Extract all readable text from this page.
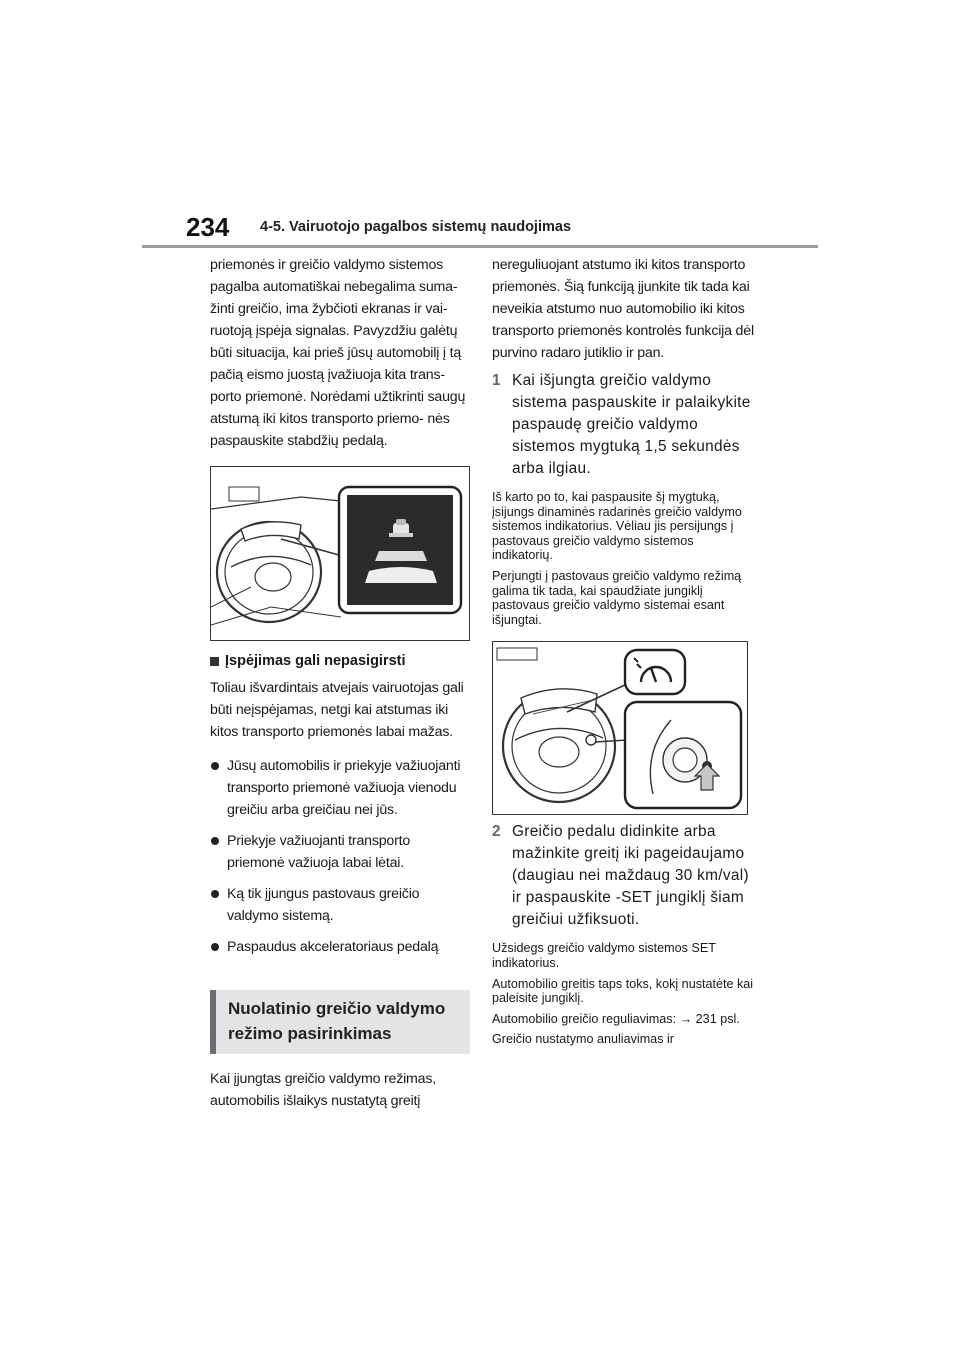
234 4-5. Vairuotojo pagalbos sistemų naudojimas

priemonės ir greičio valdymo sistemos pagalba automatiškai nebegalima suma- žinti greičio, ima žybčioti ekranas ir vai- ruotoją įspėja signalas. Pavyzdžiu galėtų būti situacija, kai prieš jūsų automobilį į tą pačią eismo juostą įvažiuoja kita trans- porto priemonė. Norėdami užtikrinti saugų atstumą iki kitos transporto priemo- nės paspauskite stabdžių pedalą.

Įspėjimas gali nepasigirsti

Toliau išvardintais atvejais vairuotojas gali būti neįspėjamas, netgi kai atstumas iki kitos transporto priemonės labai mažas.

Jūsų automobilis ir priekyje važiuojanti transporto priemonė važiuoja vienodu greičiu arba greičiau nei jūs.
Priekyje važiuojanti transporto priemonė važiuoja labai lėtai.
Ką tik įjungus pastovaus greičio valdymo sistemą.
Paspaudus akceleratoriaus pedalą
Nuolatinio greičio valdymo režimo pasirinkimas

Kai įjungtas greičio valdymo režimas, automobilis išlaikys nustatytą greitį

nereguliuojant atstumo iki kitos transporto priemonės. Šią funkciją įjunkite tik tada kai neveikia atstumo nuo automobilio iki kitos transporto priemonės kontrolės funkcija dėl purvino radaro jutiklio ir pan.

1 Kai išjungta greičio valdymo sistema paspauskite ir palaikykite paspaudę greičio valdymo sistemos mygtuką 1,5 sekundės arba ilgiau.

Iš karto po to, kai paspausite šį mygtuką, įsijungs dinaminės radarinės greičio valdymo sistemos indikatorius. Vėliau jis persijungs į pastovaus greičio valdymo sistemos indikatorių.

Perjungti į pastovaus greičio valdymo režimą galima tik tada, kai spaudžiate jungiklį pastovaus greičio valdymo sistemai esant išjungtai.

2 Greičio pedalu didinkite arba mažinkite greitį iki pageidaujamo (daugiau nei maždaug 30 km/val) ir paspauskite -SET jungiklį šiam greičiui užfiksuoti.

Užsidegs greičio valdymo sistemos SET indikatorius.

Automobilio greitis taps toks, kokį nustatėte kai paleisite jungiklį.

Automobilio greičio reguliavimas: → 231 psl.

Greičio nustatymo anuliavimas ir
